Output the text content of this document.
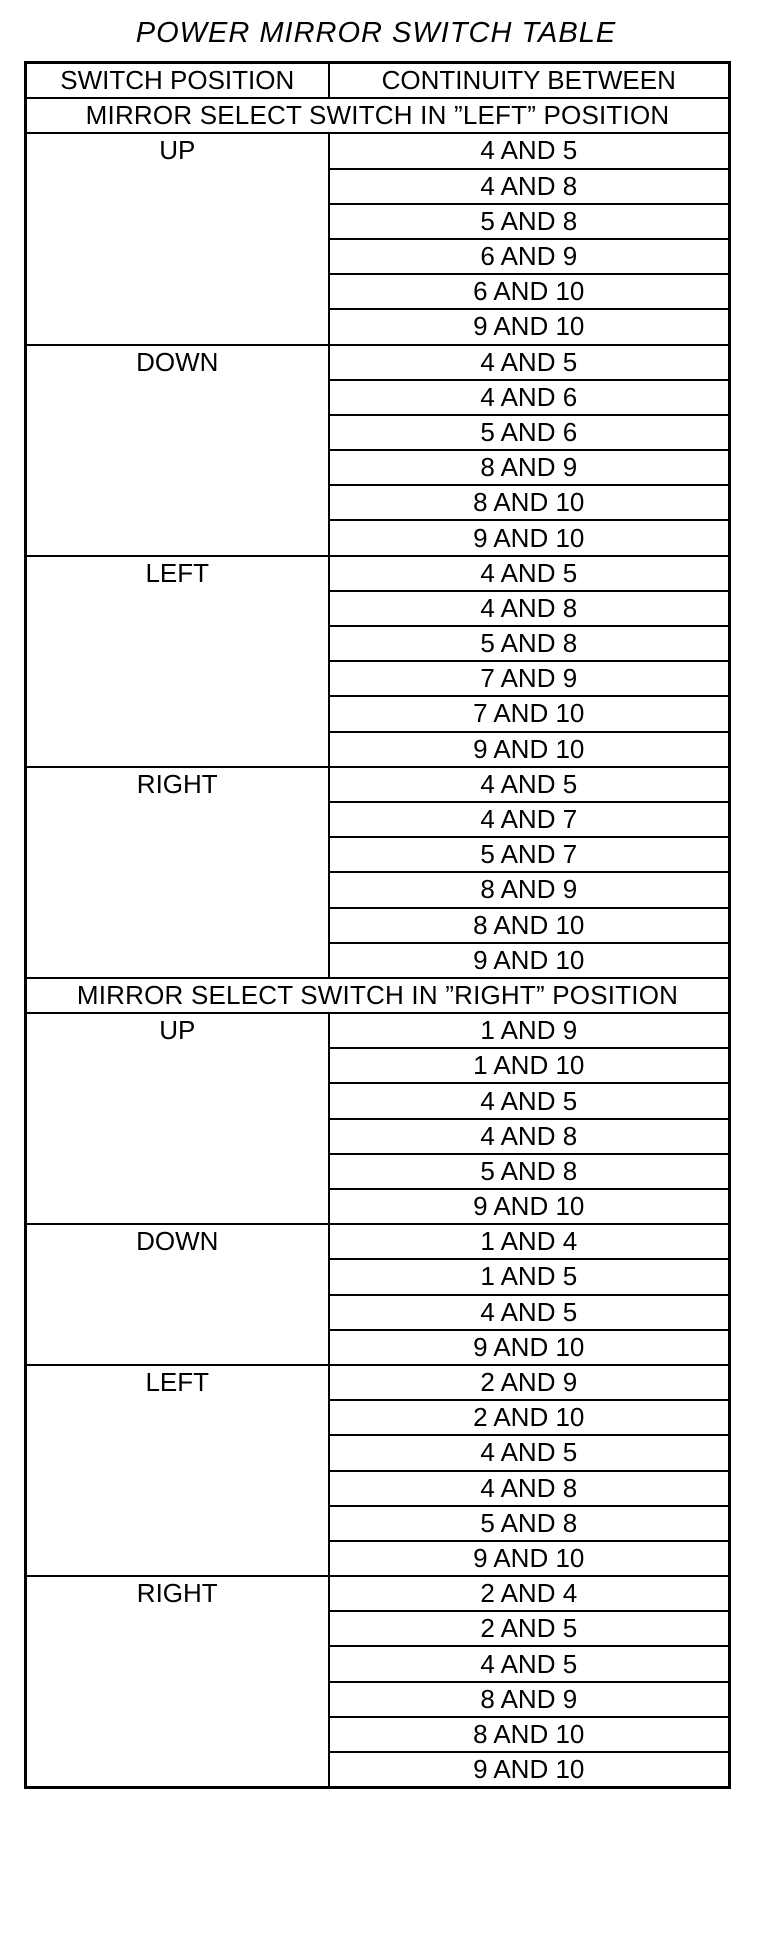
POWER MIRROR SWITCH TABLE
SWITCH POSITION	CONTINUITY BETWEEN
MIRROR SELECT SWITCH IN ”LEFT” POSITION	
UP	4 AND 5
	4 AND 8
	5 AND 8
	6 AND 9
	6 AND 10
	9 AND 10
DOWN	4 AND 5
	4 AND 6
	5 AND 6
	8 AND 9
	8 AND 10
	9 AND 10
LEFT	4 AND 5
	4 AND 8
	5 AND 8
	7 AND 9
	7 AND 10
	9 AND 10
RIGHT	4 AND 5
	4 AND 7
	5 AND 7
	8 AND 9
	8 AND 10
	9 AND 10
MIRROR SELECT SWITCH IN ”RIGHT” POSITION	
UP	1 AND 9
	1 AND 10
	4 AND 5
	4 AND 8
	5 AND 8
	9 AND 10
DOWN	1 AND 4
	1 AND 5
	4 AND 5
	9 AND 10
LEFT	2 AND 9
	2 AND 10
	4 AND 5
	4 AND 8
	5 AND 8
	9 AND 10
RIGHT	2 AND 4
	2 AND 5
	4 AND 5
	8 AND 9
	8 AND 10
	9 AND 10
